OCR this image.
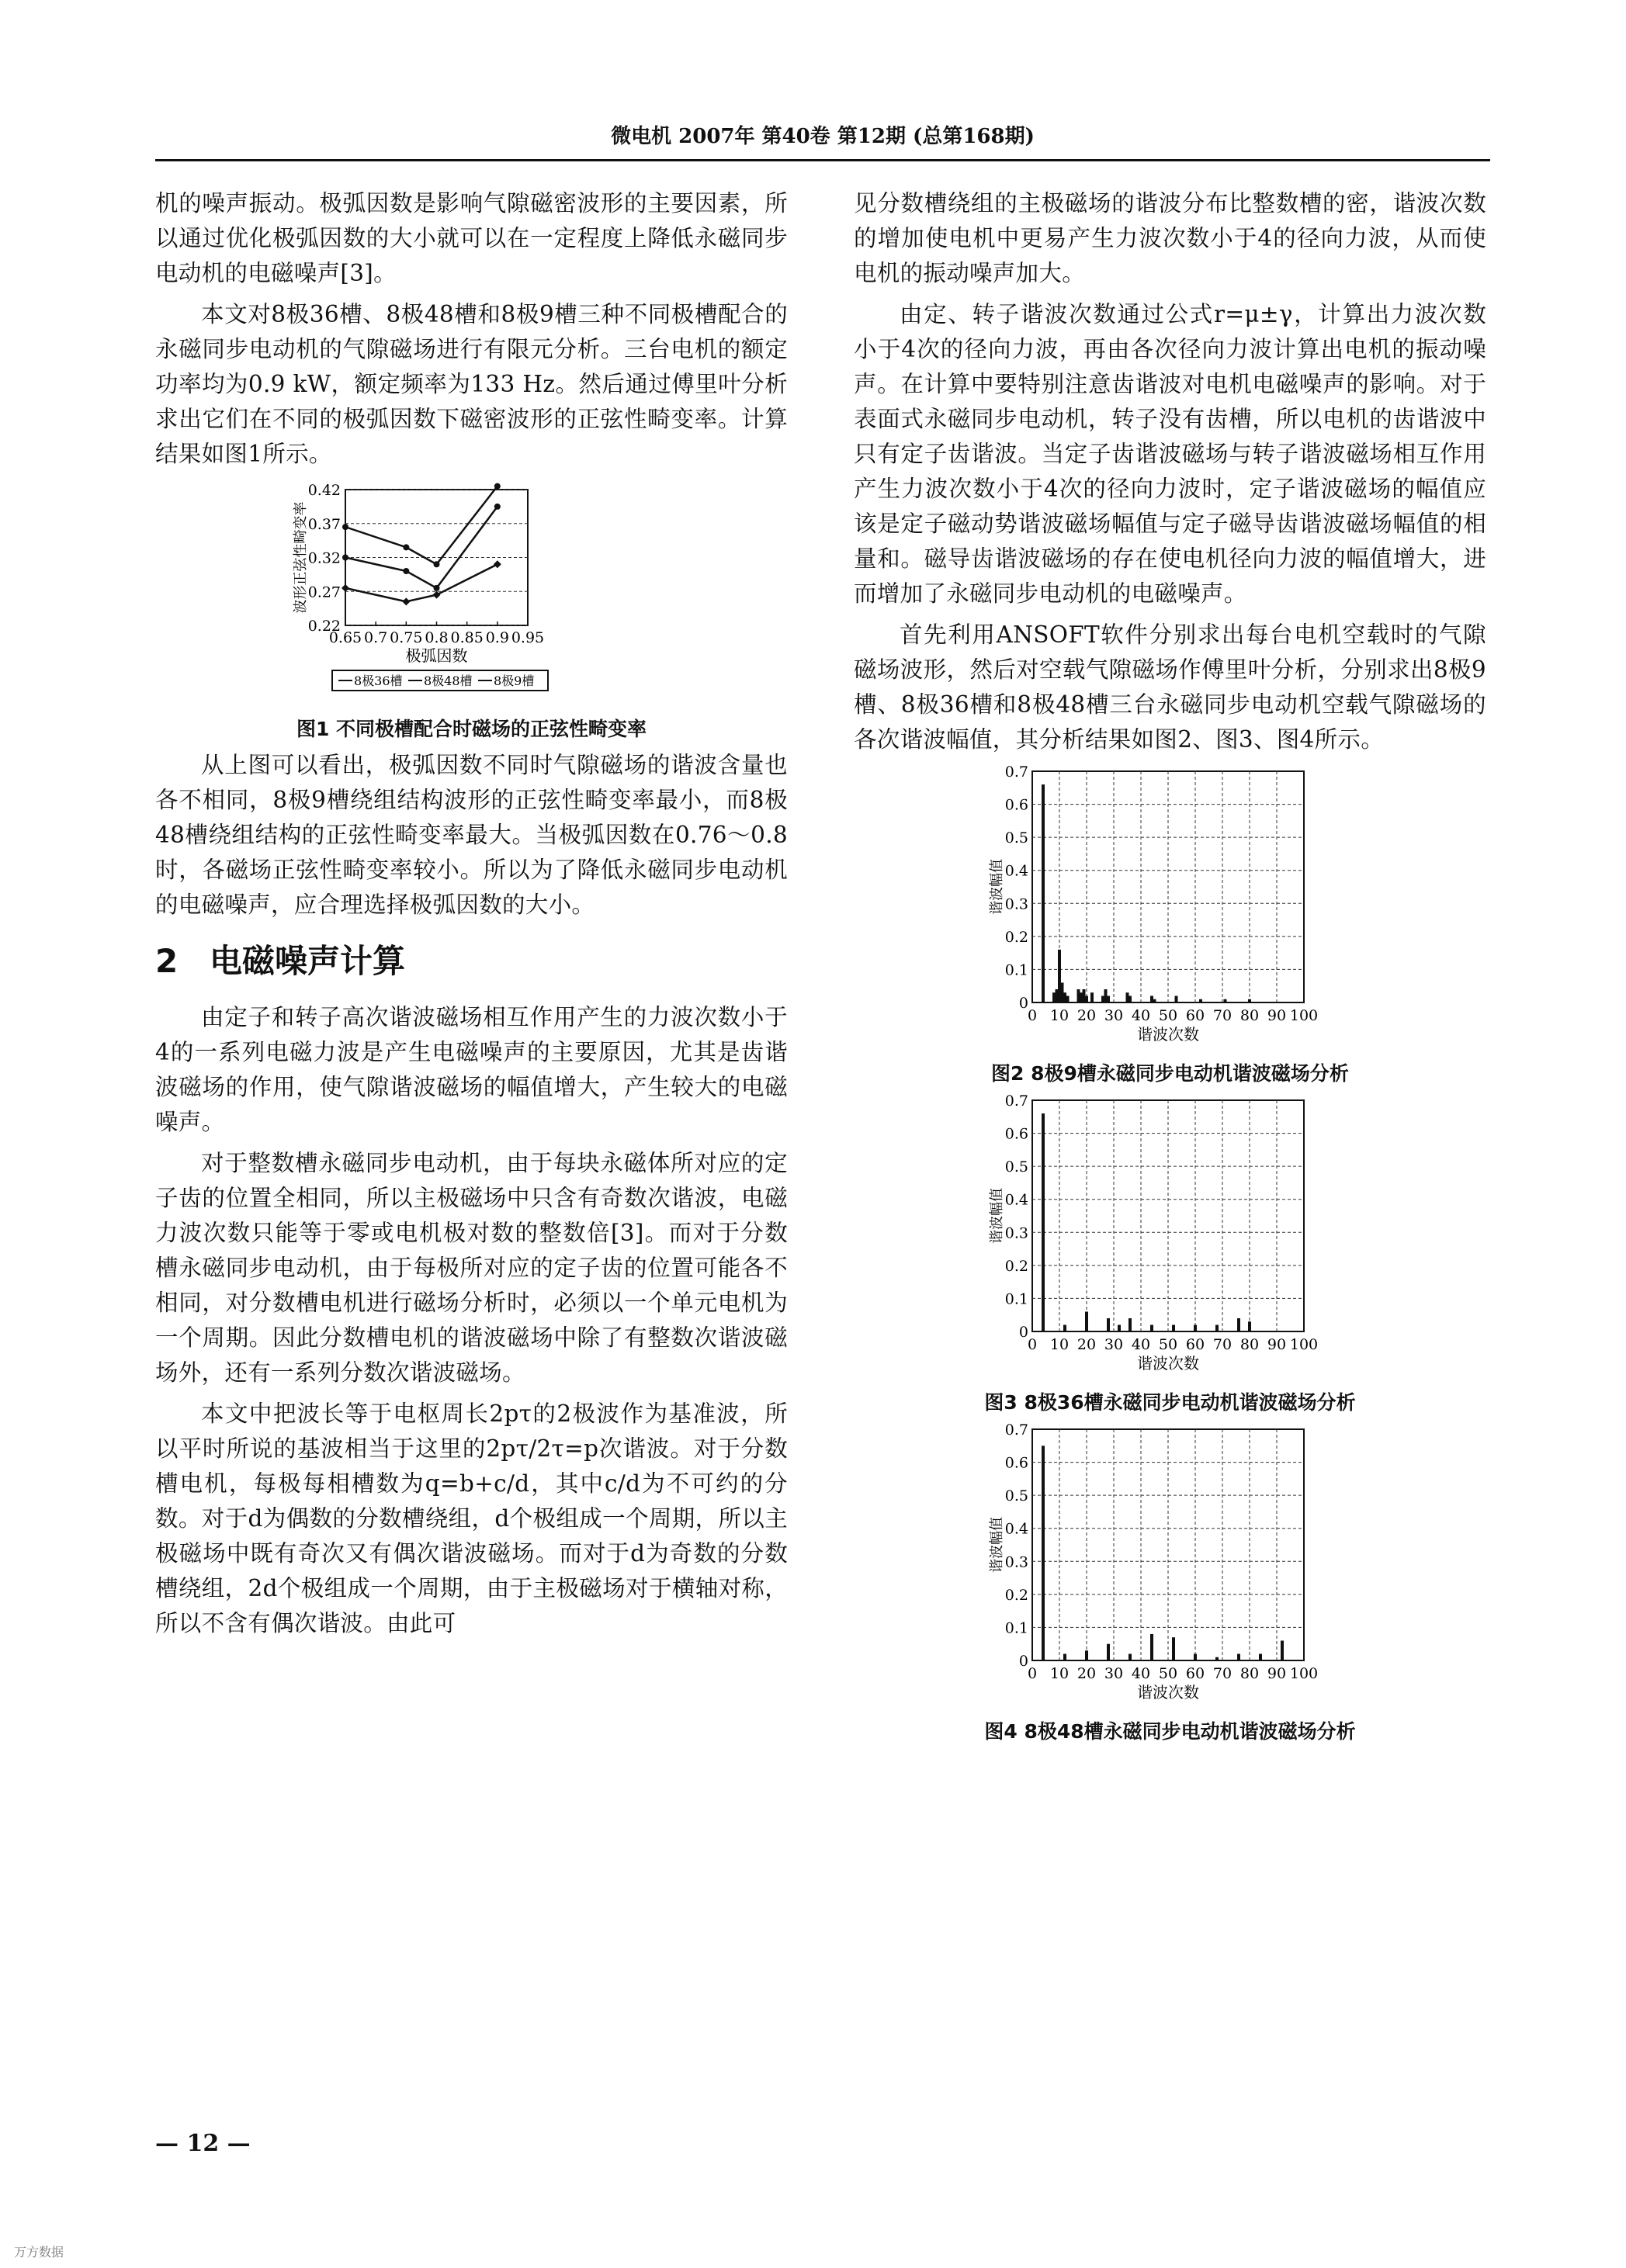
微电机 2007年 第40卷 第12期 (总第168期)

机的噪声振动。极弧因数是影响气隙磁密波形的主要因素，所以通过优化极弧因数的大小就可以在一定程度上降低永磁同步电动机的电磁噪声[3]。

本文对8极36槽、8极48槽和8极9槽三种不同极槽配合的永磁同步电动机的气隙磁场进行有限元分析。三台电机的额定功率均为0.9 kW，额定频率为133 Hz。然后通过傅里叶分析求出它们在不同的极弧因数下磁密波形的正弦性畸变率。计算结果如图1所示。

0.22
0.27
0.32
0.37
0.42
0.65 0.7 0.75 0.8 0.85 0.9 0.95
极弧因数
波形正弦性畸变率
8极36槽 8极48槽 8极9槽
图1 不同极槽配合时磁场的正弦性畸变率

从上图可以看出，极弧因数不同时气隙磁场的谐波含量也各不相同，8极9槽绕组结构波形的正弦性畸变率最小，而8极48槽绕组结构的正弦性畸变率最大。当极弧因数在0.76～0.8时，各磁场正弦性畸变率较小。所以为了降低永磁同步电动机的电磁噪声，应合理选择极弧因数的大小。

2 电磁噪声计算

由定子和转子高次谐波磁场相互作用产生的力波次数小于4的一系列电磁力波是产生电磁噪声的主要原因，尤其是齿谐波磁场的作用，使气隙谐波磁场的幅值增大，产生较大的电磁噪声。

对于整数槽永磁同步电动机，由于每块永磁体所对应的定子齿的位置全相同，所以主极磁场中只含有奇数次谐波，电磁力波次数只能等于零或电机极对数的整数倍[3]。而对于分数槽永磁同步电动机，由于每极所对应的定子齿的位置可能各不相同，对分数槽电机进行磁场分析时，必须以一个单元电机为一个周期。因此分数槽电机的谐波磁场中除了有整数次谐波磁场外，还有一系列分数次谐波磁场。

本文中把波长等于电枢周长2pτ的2极波作为基准波，所以平时所说的基波相当于这里的2pτ/2τ=p次谐波。对于分数槽电机，每极每相槽数为q=b+c/d，其中c/d为不可约的分数。对于d为偶数的分数槽绕组，d个极组成一个周期，所以主极磁场中既有奇次又有偶次谐波磁场。而对于d为奇数的分数槽绕组，2d个极组成一个周期，由于主极磁场对于横轴对称，所以不含有偶次谐波。由此可

见分数槽绕组的主极磁场的谐波分布比整数槽的密，谐波次数的增加使电机中更易产生力波次数小于4的径向力波，从而使电机的振动噪声加大。

由定、转子谐波次数通过公式r=μ±γ，计算出力波次数小于4次的径向力波，再由各次径向力波计算出电机的振动噪声。在计算中要特别注意齿谐波对电机电磁噪声的影响。对于表面式永磁同步电动机，转子没有齿槽，所以电机的齿谐波中只有定子齿谐波。当定子齿谐波磁场与转子谐波磁场相互作用产生力波次数小于4次的径向力波时，定子谐波磁场的幅值应该是定子磁动势谐波磁场幅值与定子磁导齿谐波磁场幅值的相量和。磁导齿谐波磁场的存在使电机径向力波的幅值增大，进而增加了永磁同步电动机的电磁噪声。

首先利用ANSOFT软件分别求出每台电机空载时的气隙磁场波形，然后对空载气隙磁场作傅里叶分析，分别求出8极9槽、8极36槽和8极48槽三台永磁同步电动机空载气隙磁场的各次谐波幅值，其分析结果如图2、图3、图4所示。

0
0.1
0.2
0.3
0.4
0.5
0.6
0.7
0 10 20 30 40 50 60 70 80 90 100
谐波次数
谐波幅值
图2 8极9槽永磁同步电动机谐波磁场分析
0
0.1
0.2
0.3
0.4
0.5
0.6
0.7
0 10 20 30 40 50 60 70 80 90 100
谐波次数
谐波幅值
图3 8极36槽永磁同步电动机谐波磁场分析
0
0.1
0.2
0.3
0.4
0.5
0.6
0.7
0 10 20 30 40 50 60 70 80 90 100
谐波次数
谐波幅值
图4 8极48槽永磁同步电动机谐波磁场分析
— 12 —
万方数据
